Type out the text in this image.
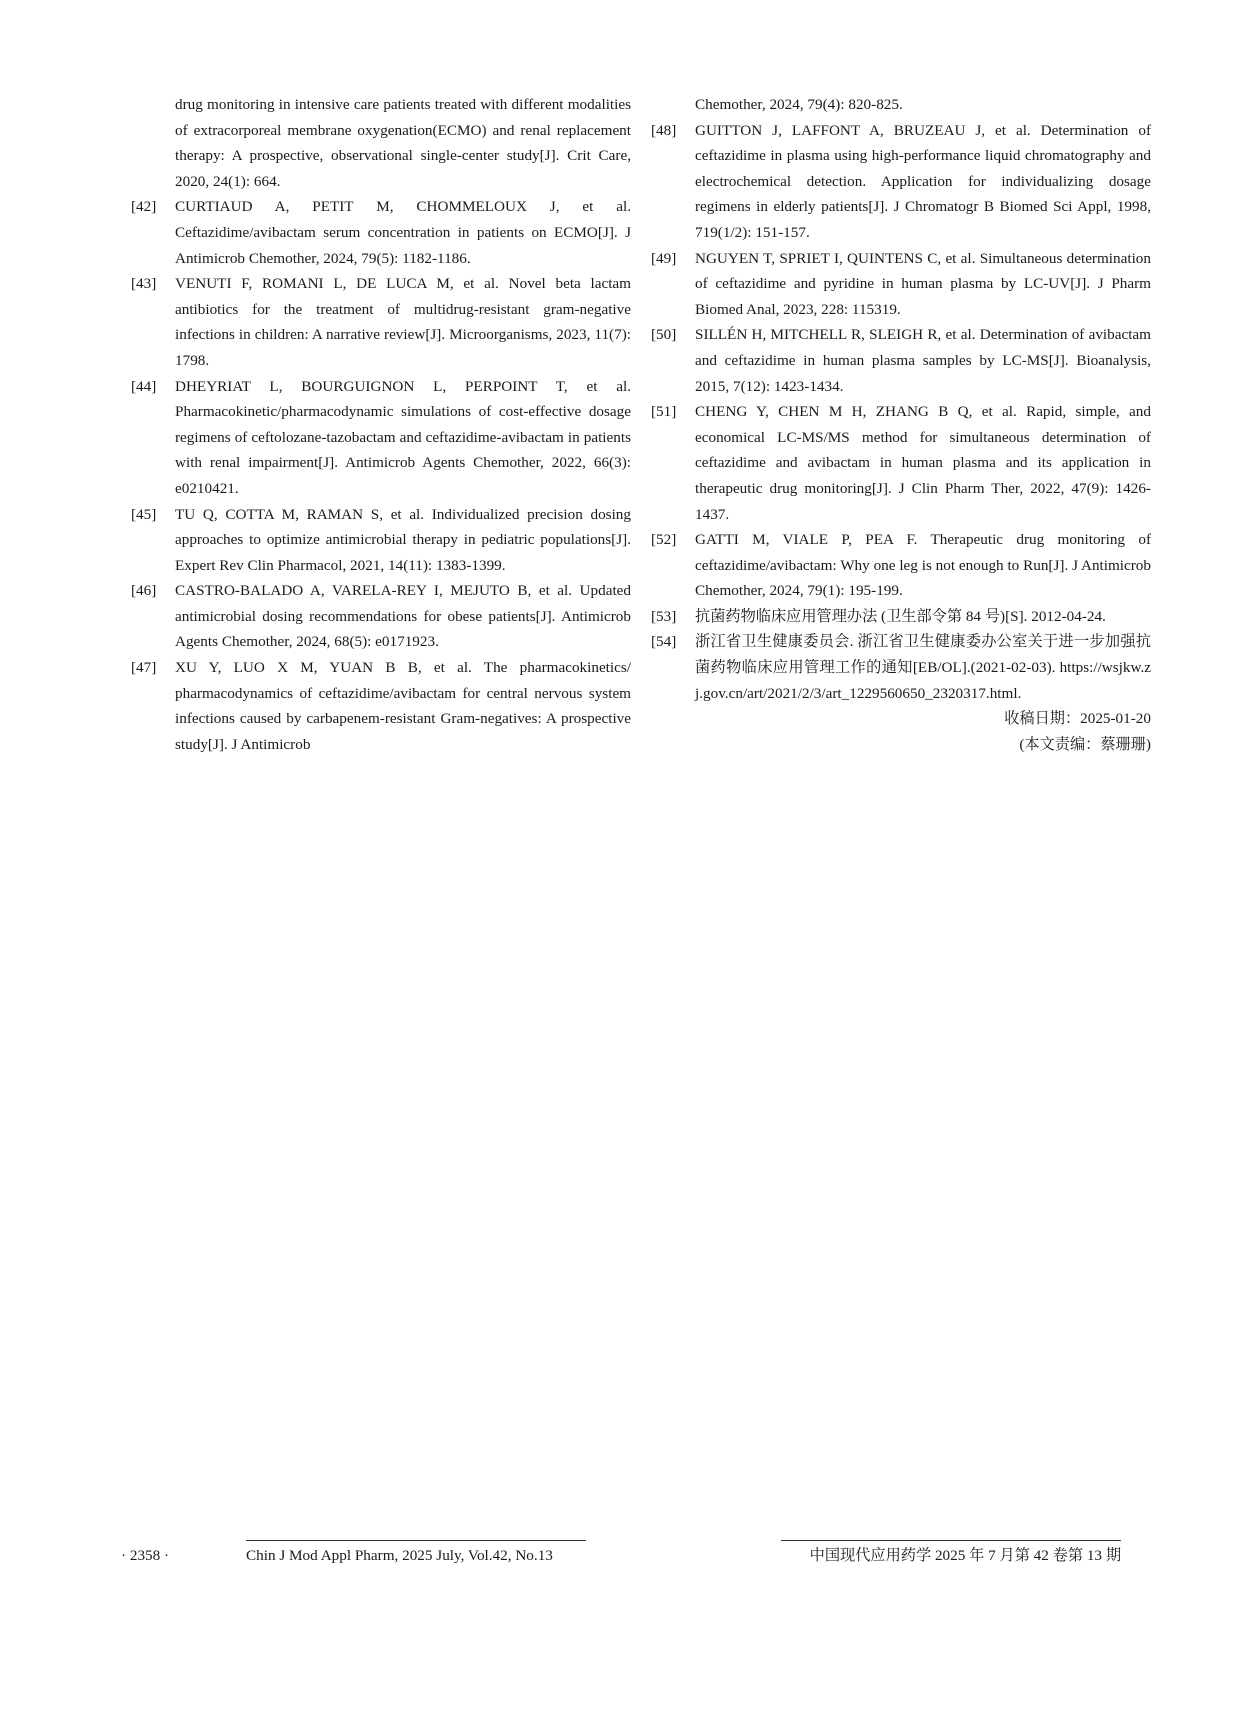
drug monitoring in intensive care patients treated with different modalities of extracorporeal membrane oxygenation(ECMO) and renal replacement therapy: A prospective, observational single-center study[J]. Crit Care, 2020, 24(1): 664.

[42] CURTIAUD A, PETIT M, CHOMMELOUX J, et al. Ceftazidime/avibactam serum concentration in patients on ECMO[J]. J Antimicrob Chemother, 2024, 79(5): 1182-1186.
[43] VENUTI F, ROMANI L, DE LUCA M, et al. Novel beta lactam antibiotics for the treatment of multidrug-resistant gram-negative infections in children: A narrative review[J]. Microorganisms, 2023, 11(7): 1798.
[44] DHEYRIAT L, BOURGUIGNON L, PERPOINT T, et al. Pharmacokinetic/pharmacodynamic simulations of cost-effective dosage regimens of ceftolozane-tazobactam and ceftazidime-avibactam in patients with renal impairment[J]. Antimicrob Agents Chemother, 2022, 66(3): e0210421.
[45] TU Q, COTTA M, RAMAN S, et al. Individualized precision dosing approaches to optimize antimicrobial therapy in pediatric populations[J]. Expert Rev Clin Pharmacol, 2021, 14(11): 1383-1399.
[46] CASTRO-BALADO A, VARELA-REY I, MEJUTO B, et al. Updated antimicrobial dosing recommendations for obese patients[J]. Antimicrob Agents Chemother, 2024, 68(5): e0171923.
[47] XU Y, LUO X M, YUAN B B, et al. The pharmacokinetics/ pharmacodynamics of ceftazidime/avibactam for central nervous system infections caused by carbapenem-resistant Gram-negatives: A prospective study[J]. J Antimicrob

Chemother, 2024, 79(4): 820-825.

[48] GUITTON J, LAFFONT A, BRUZEAU J, et al. Determination of ceftazidime in plasma using high-performance liquid chromatography and electrochemical detection. Application for individualizing dosage regimens in elderly patients[J]. J Chromatogr B Biomed Sci Appl, 1998, 719(1/2): 151-157.
[49] NGUYEN T, SPRIET I, QUINTENS C, et al. Simultaneous determination of ceftazidime and pyridine in human plasma by LC-UV[J]. J Pharm Biomed Anal, 2023, 228: 115319.
[50] SILLÉN H, MITCHELL R, SLEIGH R, et al. Determination of avibactam and ceftazidime in human plasma samples by LC-MS[J]. Bioanalysis, 2015, 7(12): 1423-1434.
[51] CHENG Y, CHEN M H, ZHANG B Q, et al. Rapid, simple, and economical LC-MS/MS method for simultaneous determination of ceftazidime and avibactam in human plasma and its application in therapeutic drug monitoring[J]. J Clin Pharm Ther, 2022, 47(9): 1426-1437.
[52] GATTI M, VIALE P, PEA F. Therapeutic drug monitoring of ceftazidime/avibactam: Why one leg is not enough to Run[J]. J Antimicrob Chemother, 2024, 79(1): 195-199.
[53] 抗菌药物临床应用管理办法 (卫生部令第 84 号)[S]. 2012-04-24.
[54] 浙江省卫生健康委员会. 浙江省卫生健康委办公室关于进一步加强抗菌药物临床应用管理工作的通知[EB/OL].(2021-02-03). https://wsjkw.zj.gov.cn/art/2021/2/3/art_1229560650_2320317.html.

收稿日期：2025-01-20

(本文责编：蔡珊珊)

· 2358 ·	Chin J Mod Appl Pharm, 2025 July, Vol.42, No.13	中国现代应用药学 2025 年 7 月第 42 卷第 13 期
